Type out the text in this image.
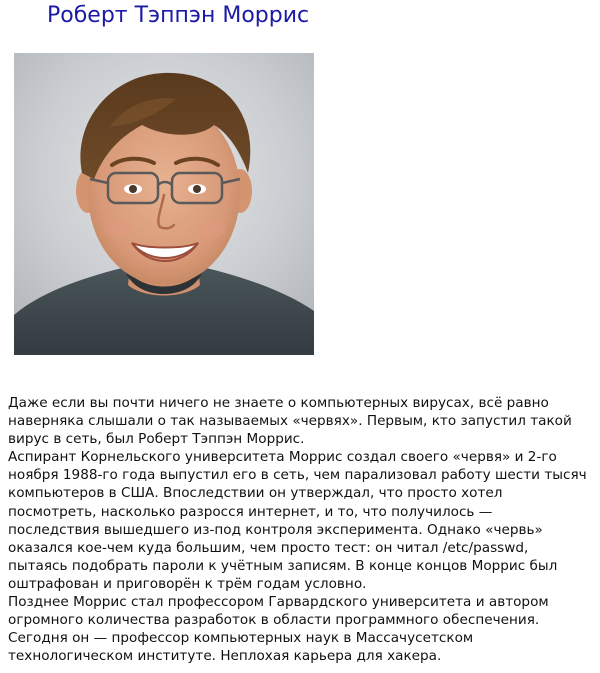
Роберт Тэппэн Моррис
Даже если вы почти ничего не знаете о компьютерных вирусах, всё равно
наверняка слышали о так называемых «червях». Первым, кто запустил такой
вирус в сеть, был Роберт Тэппэн Моррис.
Аспирант Корнельского университета Моррис создал своего «червя» и 2-го
ноября 1988-го года выпустил его в сеть, чем парализовал работу шести тысяч
компьютеров в США. Впоследствии он утверждал, что просто хотел
посмотреть, насколько разросся интернет, и то, что получилось —
последствия вышедшего из-под контроля эксперимента. Однако «червь»
оказался кое-чем куда большим, чем просто тест: он читал /etc/passwd,
пытаясь подобрать пароли к учётным записям. В конце концов Моррис был
оштрафован и приговорён к трём годам условно.
Позднее Моррис стал профессором Гарвардского университета и автором
огромного количества разработок в области программного обеспечения.
Сегодня он — профессор компьютерных наук в Массачусетском
технологическом институте. Неплохая карьера для хакера.
